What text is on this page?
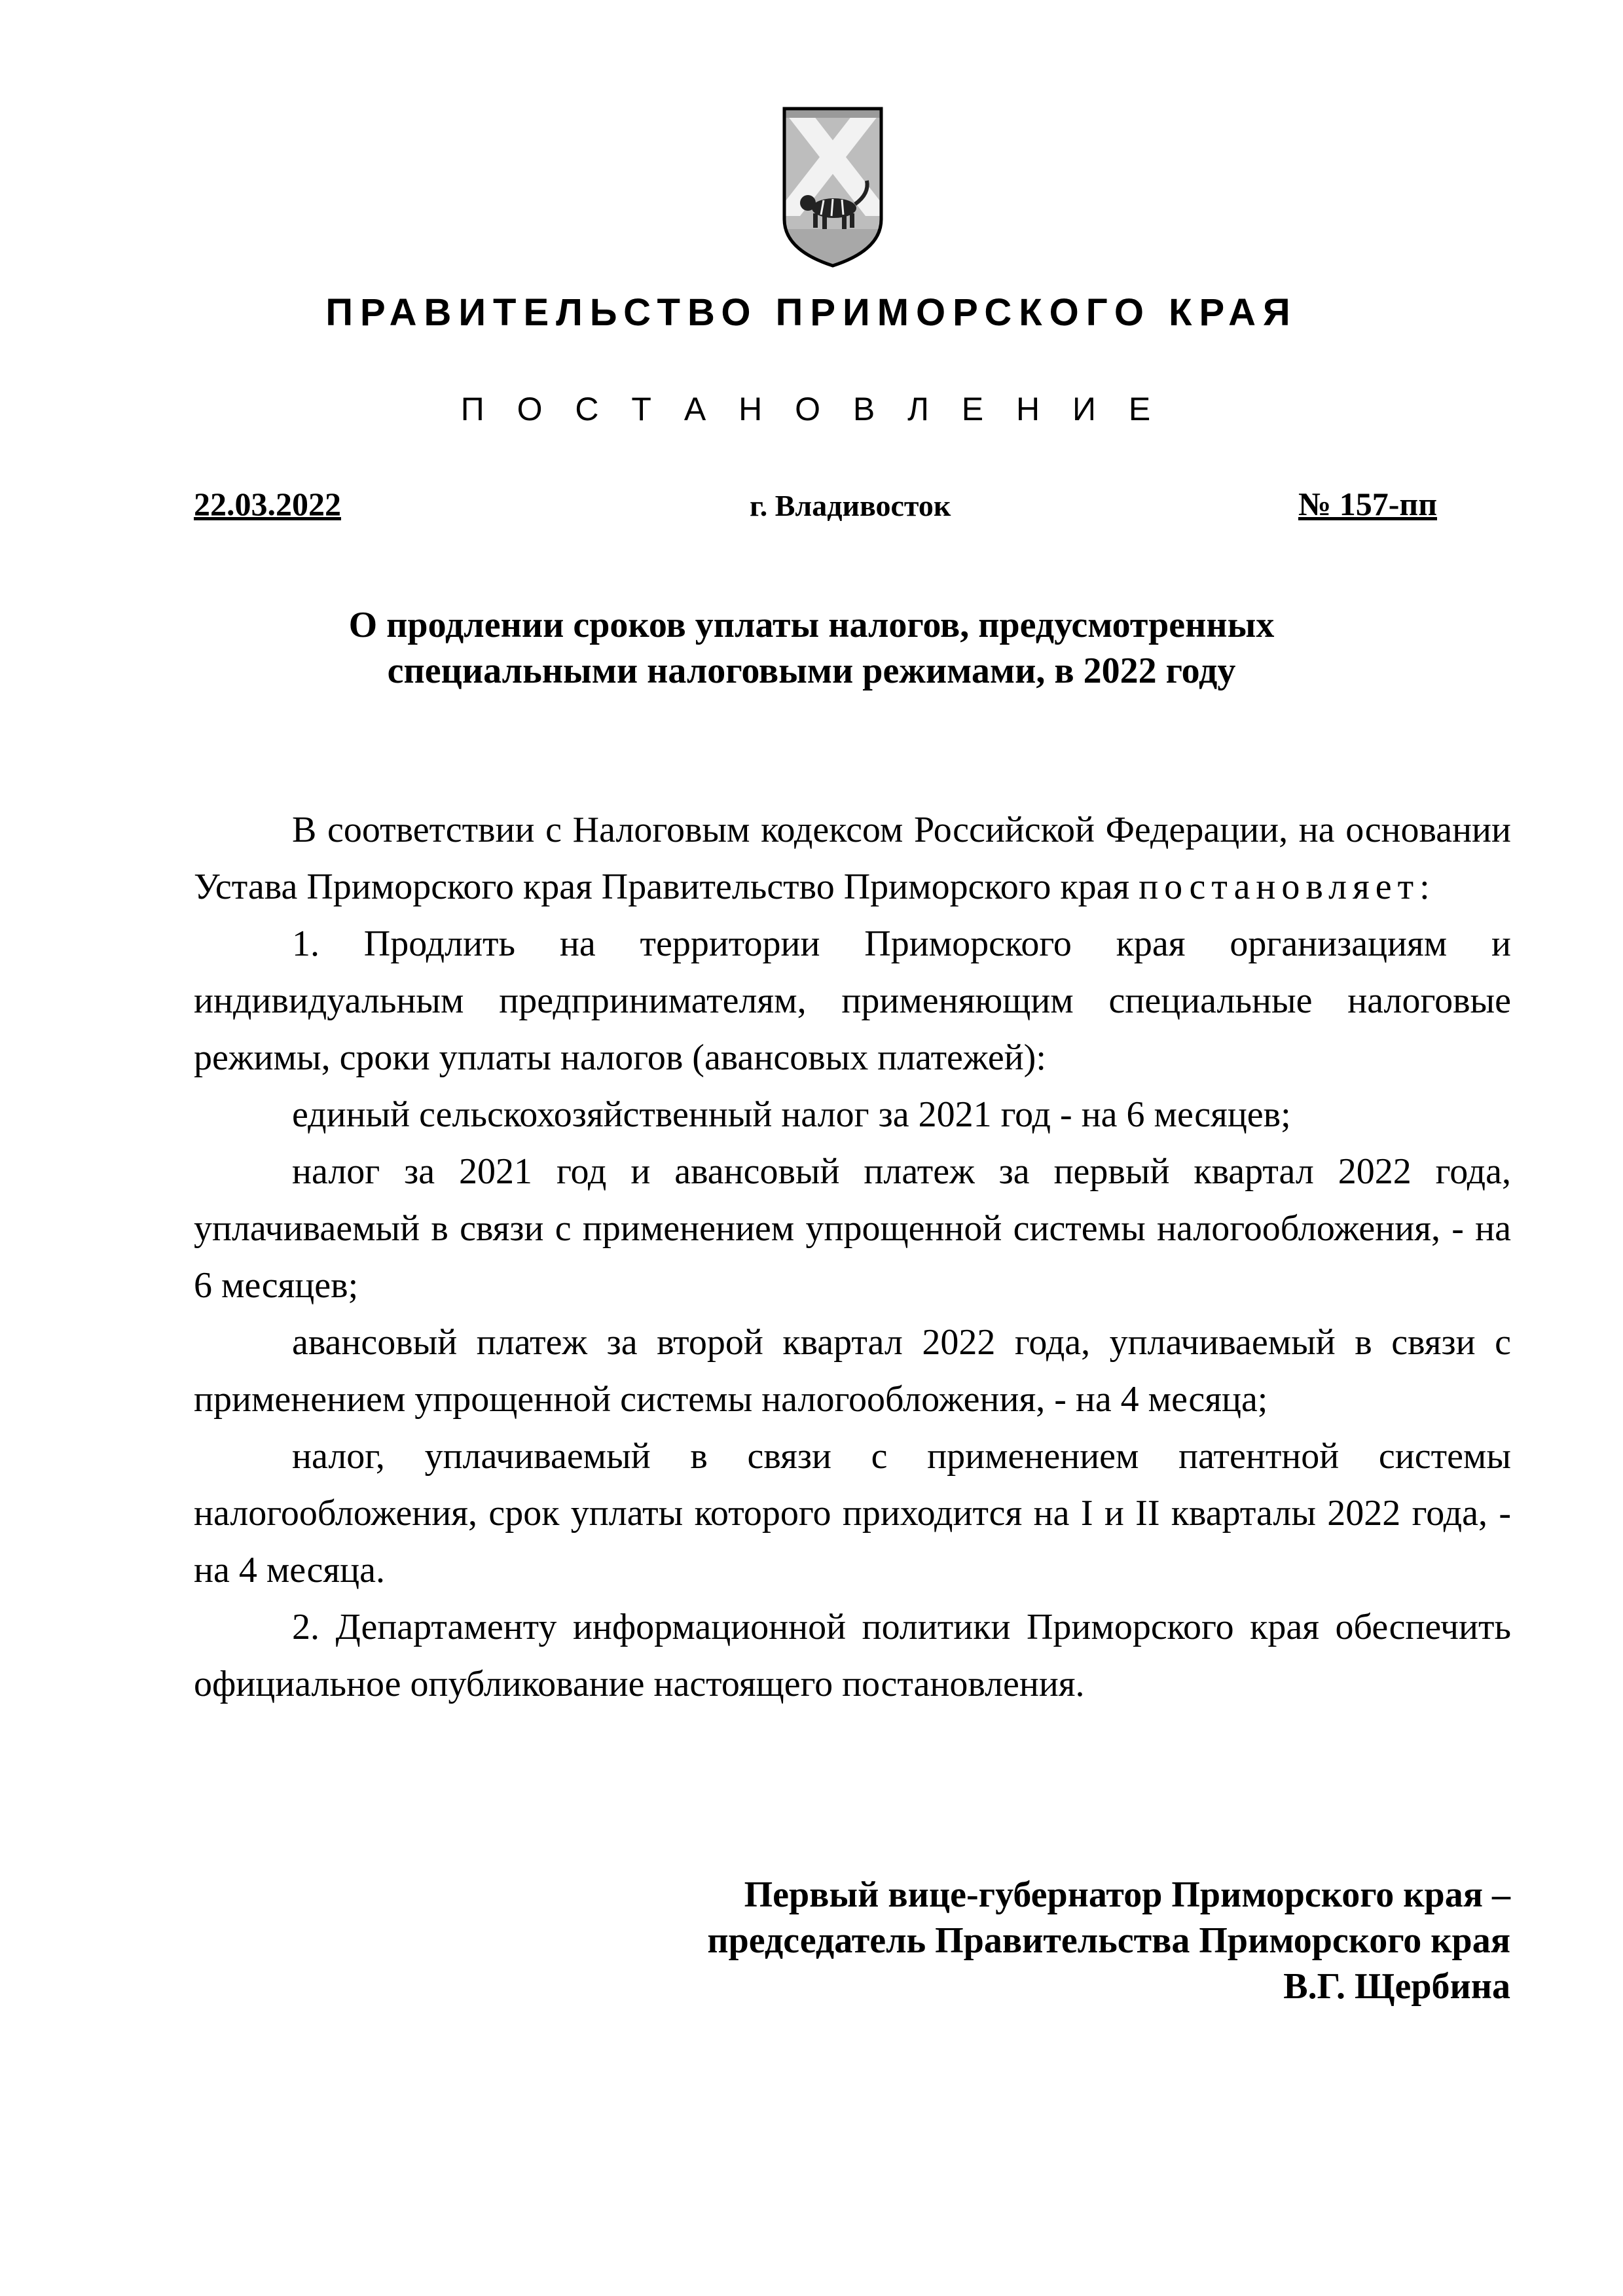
ПРАВИТЕЛЬСТВО ПРИМОРСКОГО КРАЯ
П О С Т А Н О В Л Е Н И Е
22.03.2022	г. Владивосток	№ 157-пп
О продлении сроков уплаты налогов, предусмотренных
специальными налоговыми режимами, в 2022 году

В соответствии с Налоговым кодексом Российской Федерации, на основании Устава Приморского края Правительство Приморского края постановляет:

1. Продлить на территории Приморского края организациям и индивидуальным предпринимателям, применяющим специальные налоговые режимы, сроки уплаты налогов (авансовых платежей):

единый сельскохозяйственный налог за 2021 год - на 6 месяцев;

налог за 2021 год и авансовый платеж за первый квартал 2022 года, уплачиваемый в связи с применением упрощенной системы налогообложения, - на 6 месяцев;

авансовый платеж за второй квартал 2022 года, уплачиваемый в связи с применением упрощенной системы налогообложения, - на 4 месяца;

налог, уплачиваемый в связи с применением патентной системы налогообложения, срок уплаты которого приходится на I и II кварталы 2022 года, - на 4 месяца.

2. Департаменту информационной политики Приморского края обеспечить официальное опубликование настоящего постановления.

Первый вице-губернатор Приморского края –
председатель Правительства Приморского края
В.Г. Щербина
